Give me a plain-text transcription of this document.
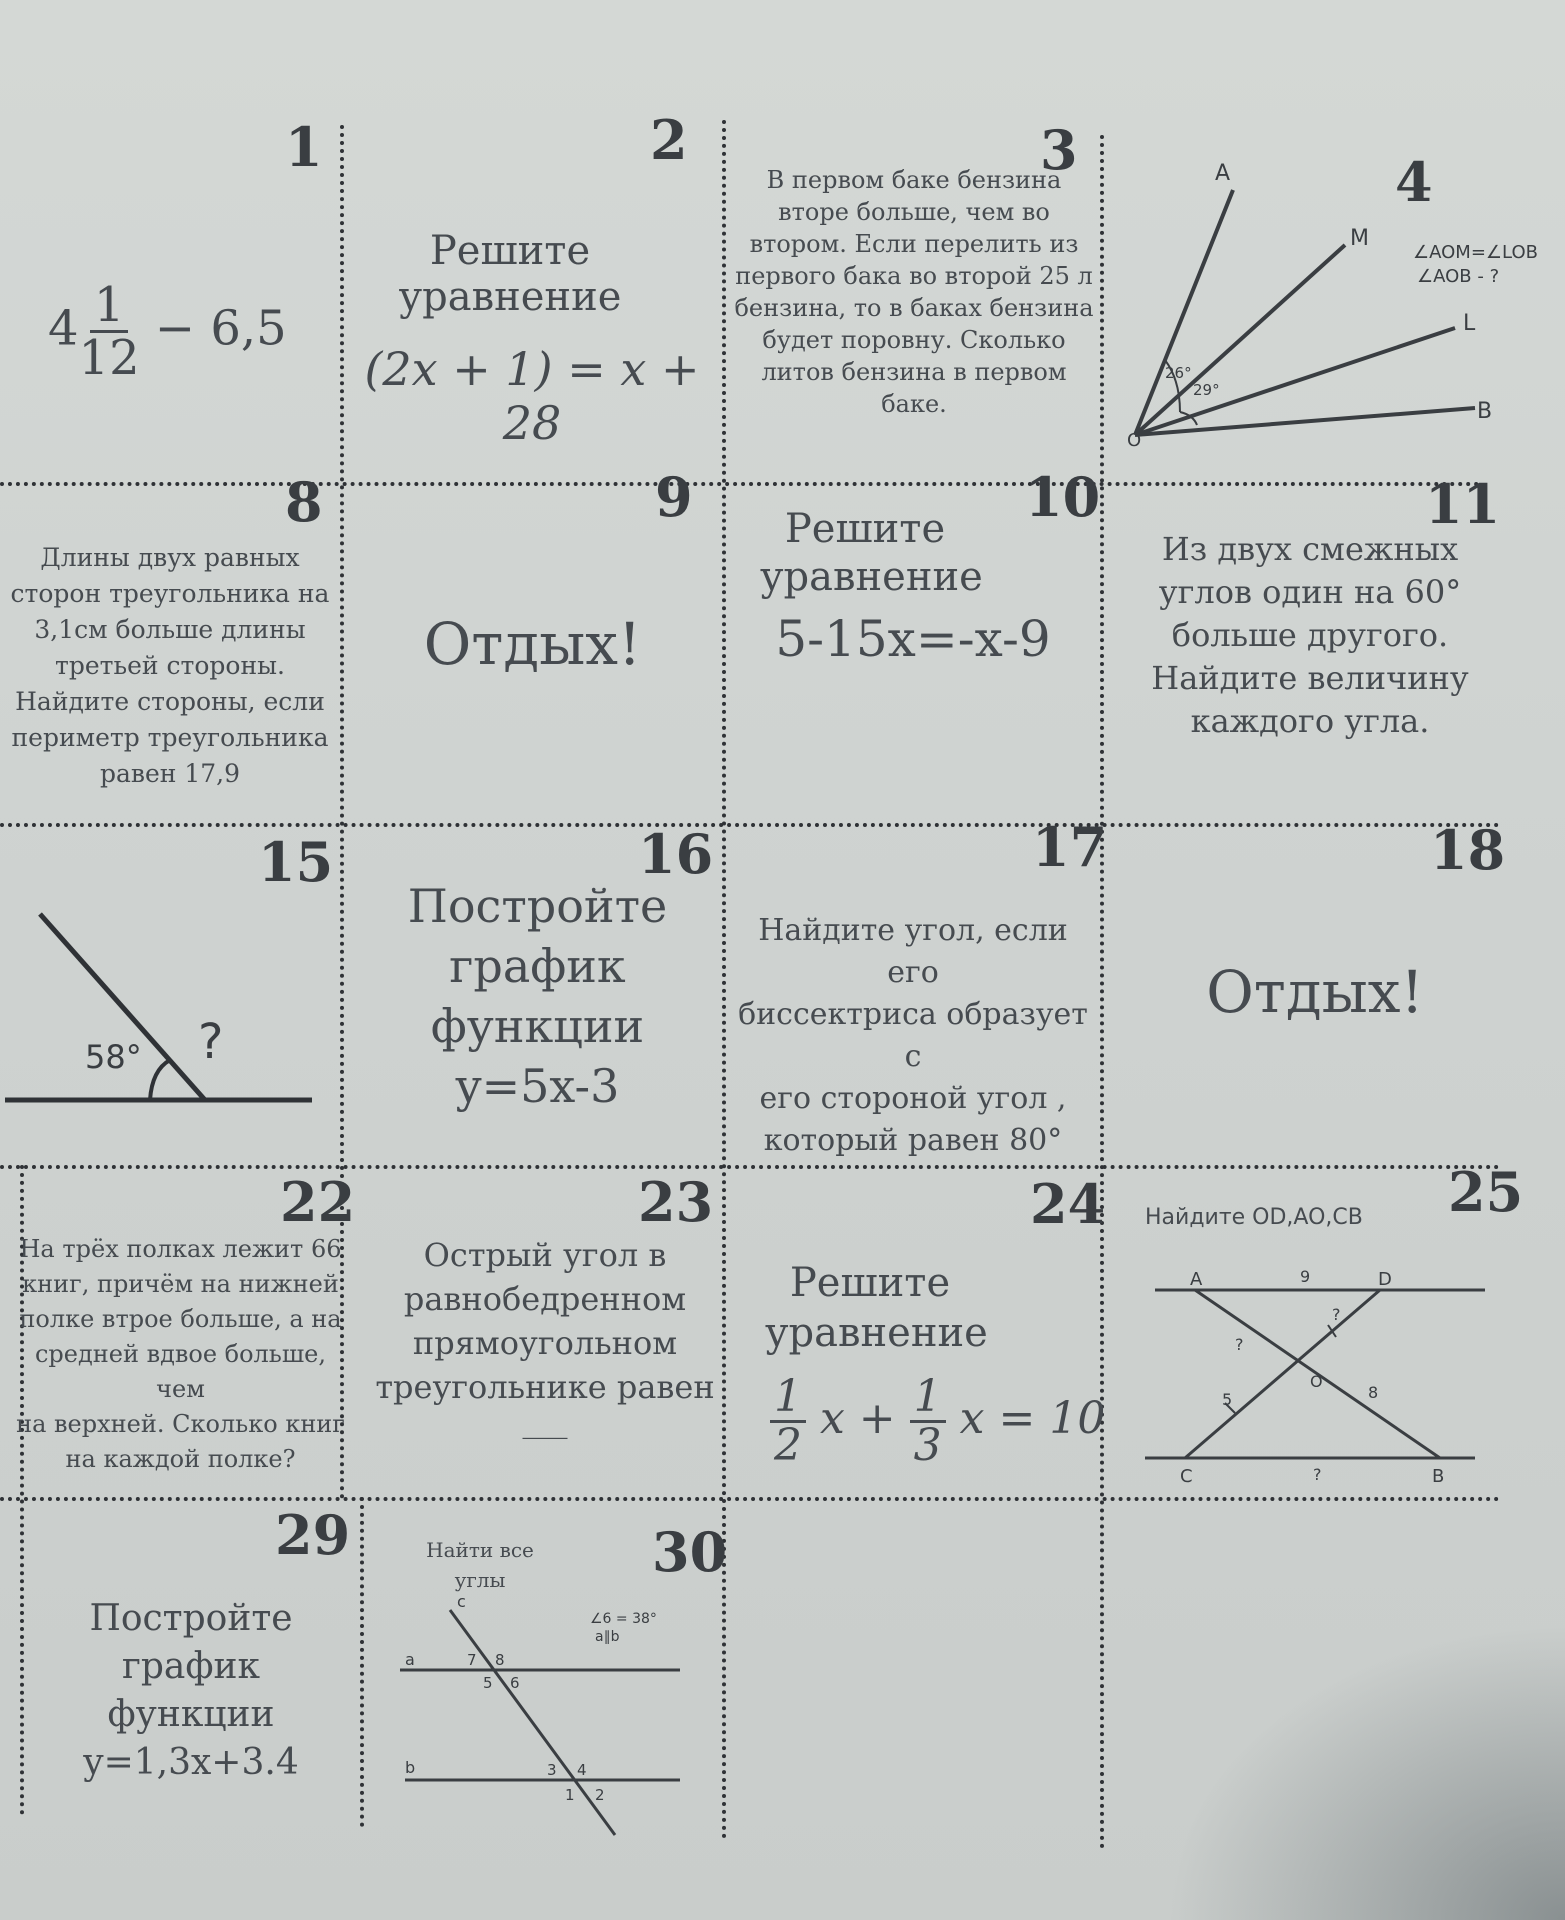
1
$4 \frac{1}{12} - 6,5$
2
Решите
уравнение
(2x + 1) = x + 28
3
В первом баке бензина
вторе больше, чем во
втором. Если перелить из
первого бака во второй 25 л
бензина, то в баках бензина
будет поровну. Сколько
литов бензина в первом
баке.
4
A
M
L
B
O
26°
29°
∠AOM=∠LOB
∠AOB - ?
8
Длины двух равных
сторон треугольника на
3,1см больше длины
третьей стороны.
Найдите стороны, если
периметр треугольника
равен 17,9
9
Отдых!
10
Решите
уравнение
5-15x=-x-9
11
Из двух смежных
углов один на 60°
больше другого.
Найдите величину
каждого угла.
15
58° ?
16
Постройте
график
функции
y=5x-3
17
Найдите угол, если его
биссектриса образует с
его стороной угол ,
который равен 80°
18
Отдых!
22
На трёх полках лежит 66
книг, причём на нижней
полке втрое больше, а на
средней вдвое больше, чем
на верхней. Сколько книг
на каждой полке?
23
Острый угол в
равнобедренном
прямоугольном
треугольнике равен
___
24
Решите
уравнение
$\frac{1}{2}$ $x + \frac{1}{3}$ x = 10
25
Найдите OD,AO,CB
A	D
O
C	B
9
?
?
?
5	8
29
Постройте график
функции
y=1,3x+3.4
30
Найти все
углы
c
a
b
7 8
5 6
3 4
1 2
∠6 = 38°
a∥b
